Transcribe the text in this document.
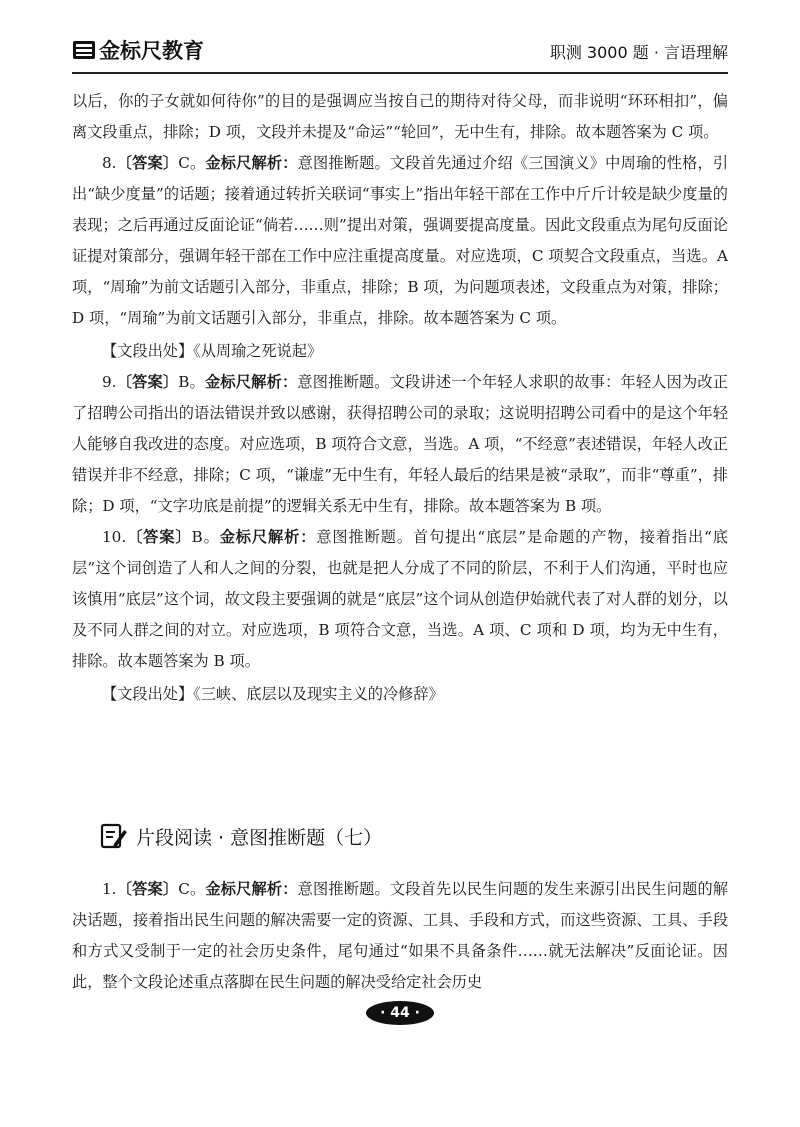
金标尺教育	职测 3000 题 · 言语理解

以后，你的子女就如何待你”的目的是强调应当按自己的期待对待父母，而非说明“环环相扣”，偏离文段重点，排除；D 项，文段并未提及“命运”“轮回”，无中生有，排除。故本题答案为 C 项。

8.〔答案〕C。金标尺解析：意图推断题。文段首先通过介绍《三国演义》中周瑜的性格，引出“缺少度量”的话题；接着通过转折关联词“事实上”指出年轻干部在工作中斤斤计较是缺少度量的表现；之后再通过反面论证“倘若……则”提出对策，强调要提高度量。因此文段重点为尾句反面论证提对策部分，强调年轻干部在工作中应注重提高度量。对应选项，C 项契合文段重点，当选。A 项，“周瑜”为前文话题引入部分，非重点，排除；B 项，为问题项表述，文段重点为对策，排除；D 项，“周瑜”为前文话题引入部分，非重点，排除。故本题答案为 C 项。

【文段出处】《从周瑜之死说起》

9.〔答案〕B。金标尺解析：意图推断题。文段讲述一个年轻人求职的故事：年轻人因为改正了招聘公司指出的语法错误并致以感谢，获得招聘公司的录取；这说明招聘公司看中的是这个年轻人能够自我改进的态度。对应选项，B 项符合文意，当选。A 项，“不经意”表述错误，年轻人改正错误并非不经意，排除；C 项，“谦虚”无中生有，年轻人最后的结果是被“录取”，而非“尊重”，排除；D 项，“文字功底是前提”的逻辑关系无中生有，排除。故本题答案为 B 项。

10.〔答案〕B。金标尺解析：意图推断题。首句提出“底层”是命题的产物，接着指出“底层”这个词创造了人和人之间的分裂，也就是把人分成了不同的阶层，不利于人们沟通，平时也应该慎用“底层”这个词，故文段主要强调的就是“底层”这个词从创造伊始就代表了对人群的划分，以及不同人群之间的对立。对应选项，B 项符合文意，当选。A 项、C 项和 D 项，均为无中生有，排除。故本题答案为 B 项。

【文段出处】《三峡、底层以及现实主义的冷修辞》

片段阅读 · 意图推断题（七）

1.〔答案〕C。金标尺解析：意图推断题。文段首先以民生问题的发生来源引出民生问题的解决话题，接着指出民生问题的解决需要一定的资源、工具、手段和方式，而这些资源、工具、手段和方式又受制于一定的社会历史条件，尾句通过“如果不具备条件……就无法解决”反面论证。因此，整个文段论述重点落脚在民生问题的解决受给定社会历史

· 44 ·
